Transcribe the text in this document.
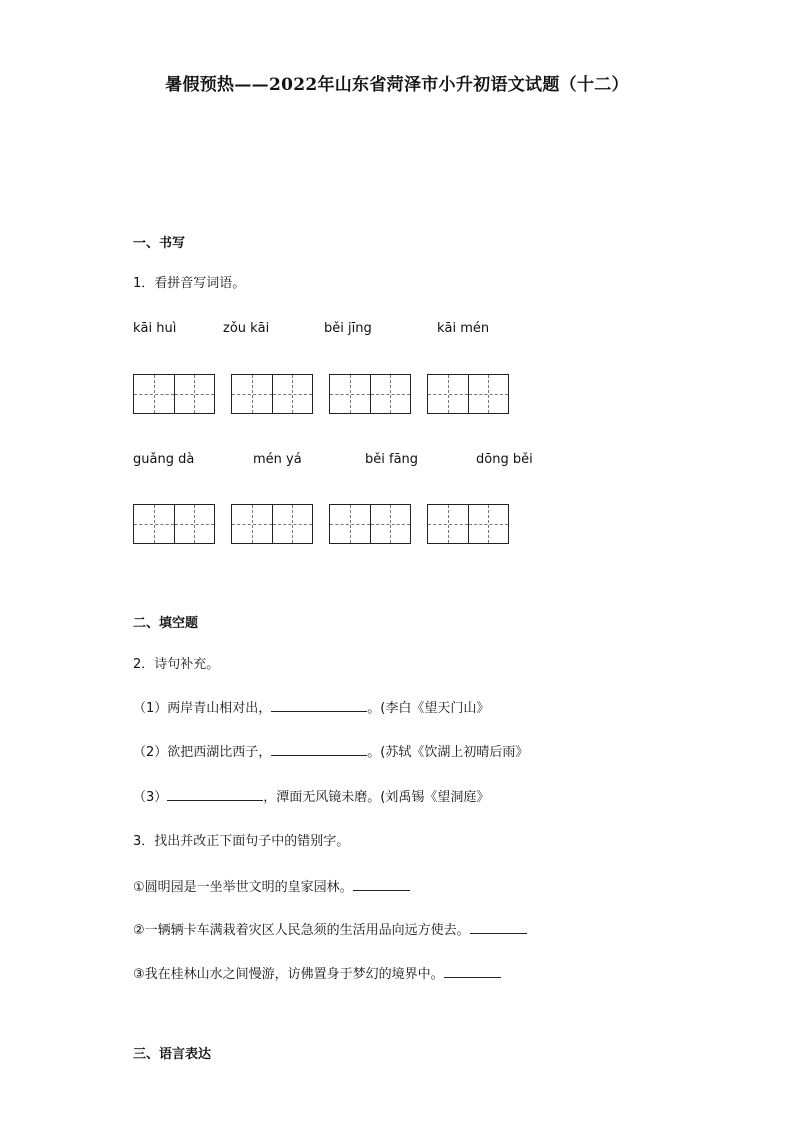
暑假预热——2022年山东省菏泽市小升初语文试题（十二）
一、书写
1．看拼音写词语。
kāi huì	zǒu kāi	běi jīng	kāi mén
guǎng dà	mén yá	běi fāng	dōng běi
二、填空题
2．诗句补充。
（1）两岸青山相对出，	。(李白《望天门山》
（2）欲把西湖比西子，	。(苏轼《饮湖上初晴后雨》
（3）	，潭面无风镜未磨。(刘禹锡《望洞庭》
3．找出并改正下面句子中的错别字。
①圆明园是一坐举世文明的皇家园林。
②一辆辆卡车满栽着灾区人民急须的生活用品向远方使去。
③我在桂林山水之间慢游，访佛置身于梦幻的境界中。
三、语言表达
